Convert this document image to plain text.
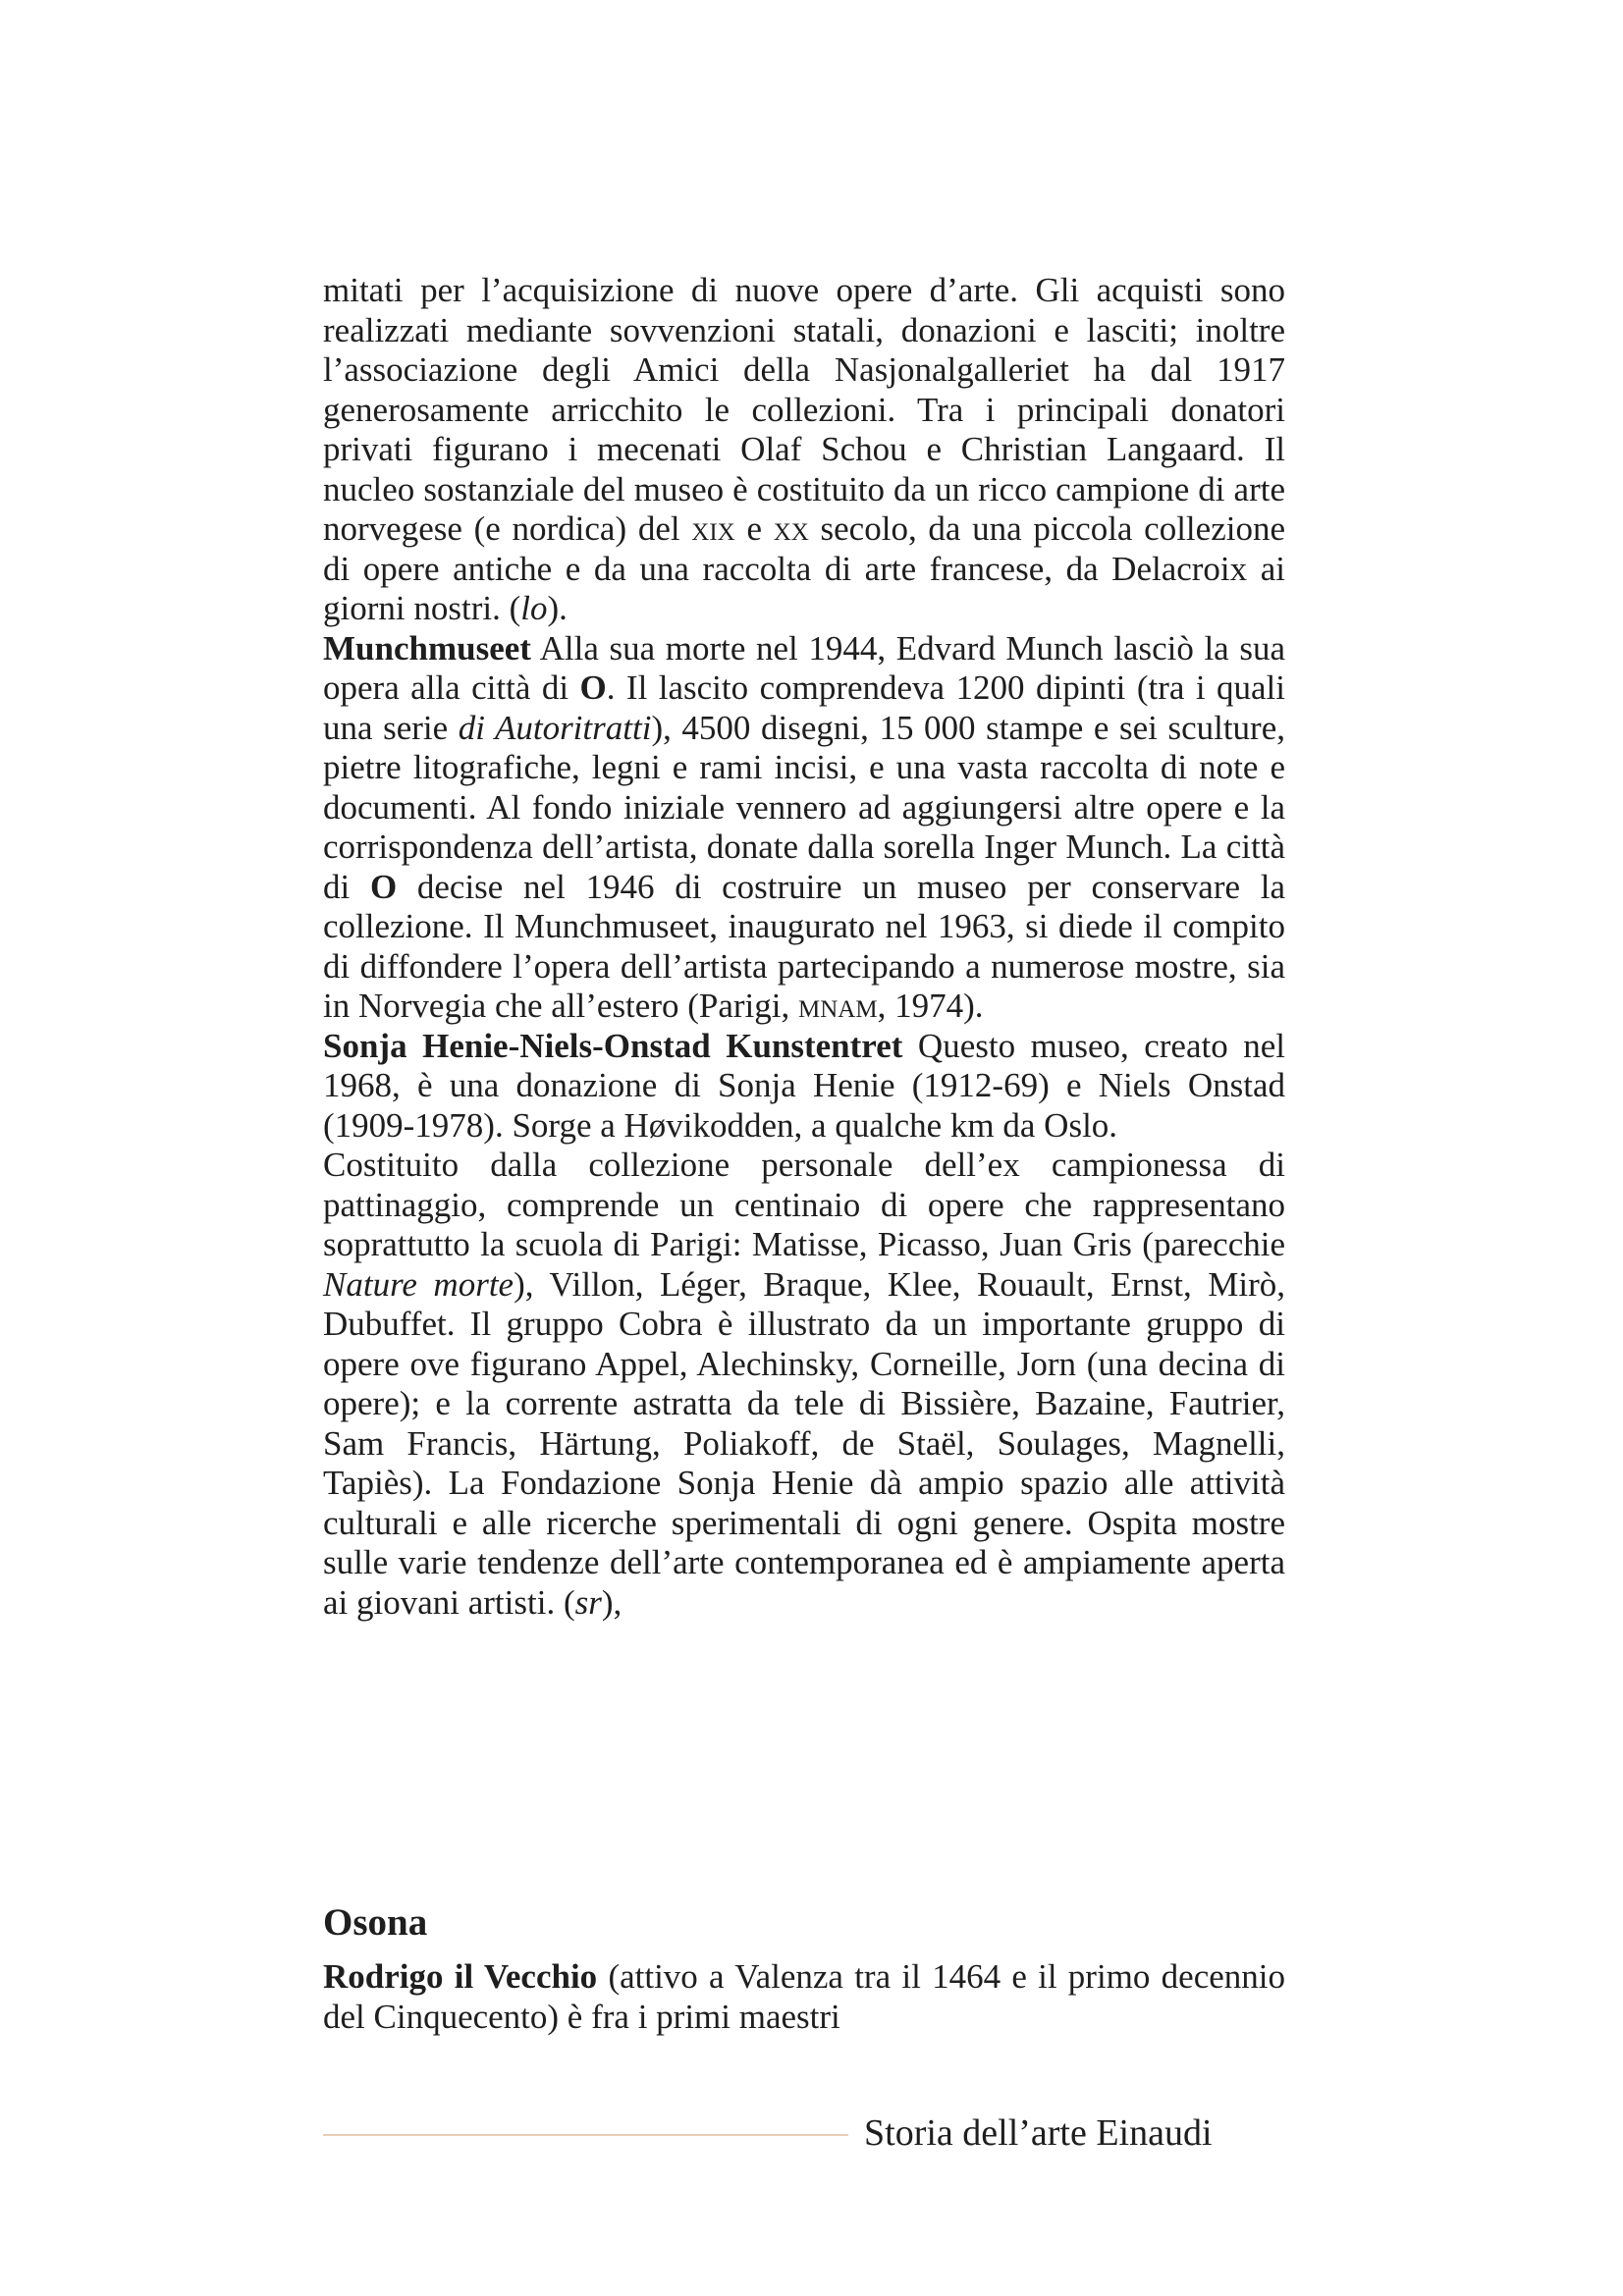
mitati per l’acquisizione di nuove opere d’arte. Gli acquisti sono realizzati mediante sovvenzioni statali, donazioni e lasciti; inoltre l’associazione degli Amici della Nasjonalgalleriet ha dal 1917 generosamente arricchito le collezioni. Tra i principali donatori privati figurano i mecenati Olaf Schou e Christian Langaard. Il nucleo sostanziale del museo è costituito da un ricco campione di arte norvegese (e nordica) del xix e xx secolo, da una piccola collezione di opere antiche e da una raccolta di arte francese, da Delacroix ai giorni nostri. (lo).

Munchmuseet Alla sua morte nel 1944, Edvard Munch lasciò la sua opera alla città di O. Il lascito comprendeva 1200 dipinti (tra i quali una serie di Autoritratti), 4500 disegni, 15 000 stampe e sei sculture, pietre litografiche, legni e rami incisi, e una vasta raccolta di note e documenti. Al fondo iniziale vennero ad aggiungersi altre opere e la corrispondenza dell’artista, donate dalla sorella Inger Munch. La città di O decise nel 1946 di costruire un museo per conservare la collezione. Il Munchmuseet, inaugurato nel 1963, si diede il compito di diffondere l’opera dell’artista partecipando a numerose mostre, sia in Norvegia che all’estero (Parigi, mnam, 1974).

Sonja Henie-Niels-Onstad Kunstentret Questo museo, creato nel 1968, è una donazione di Sonja Henie (1912-69) e Niels Onstad (1909-1978). Sorge a Høvikodden, a qualche km da Oslo.

Costituito dalla collezione personale dell’ex campionessa di pattinaggio, comprende un centinaio di opere che rappresentano soprattutto la scuola di Parigi: Matisse, Picasso, Juan Gris (parecchie Nature morte), Villon, Léger, Braque, Klee, Rouault, Ernst, Mirò, Dubuffet. Il gruppo Cobra è illustrato da un importante gruppo di opere ove figurano Appel, Alechinsky, Corneille, Jorn (una decina di opere); e la corrente astratta da tele di Bissière, Bazaine, Fautrier, Sam Francis, Härtung, Poliakoff, de Staël, Soulages, Magnelli, Tapiès). La Fondazione Sonja Henie dà ampio spazio alle attività culturali e alle ricerche sperimentali di ogni genere. Ospita mostre sulle varie tendenze dell’arte contemporanea ed è ampiamente aperta ai giovani artisti. (sr),

Osona

Rodrigo il Vecchio (attivo a Valenza tra il 1464 e il primo decennio del Cinquecento) è fra i primi maestri

Storia dell’arte Einaudi
